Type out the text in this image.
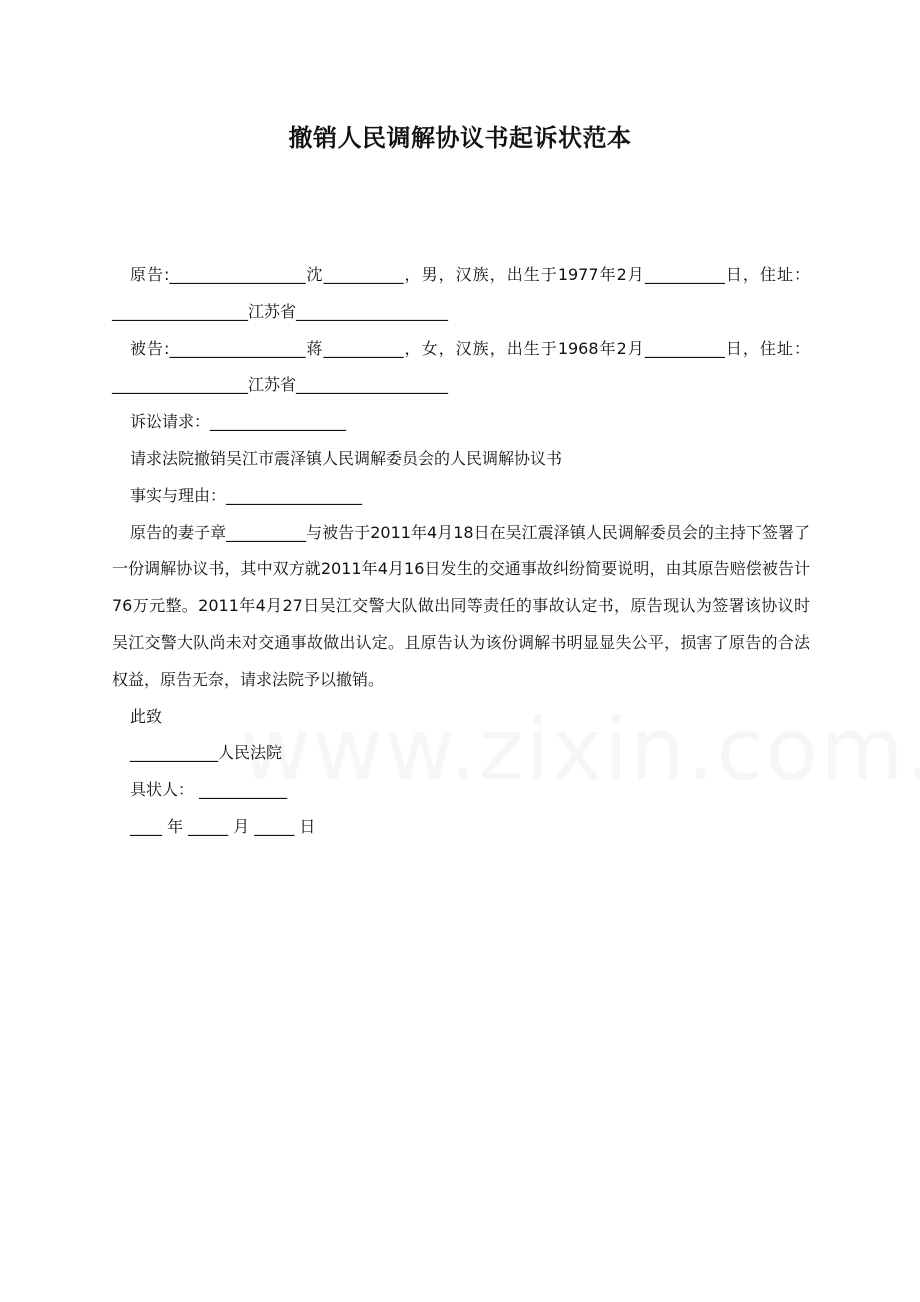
撤销人民调解协议书起诉状范本

原告:_________________沈__________，男，汉族，出生于1977年2月__________日，住址：_________________江苏省___________________

被告:_________________蒋__________，女，汉族，出生于1968年2月__________日，住址：_________________江苏省___________________

诉讼请求：_________________

请求法院撤销吴江市震泽镇人民调解委员会的人民调解协议书

事实与理由：_________________

原告的妻子章__________与被告于2011年4月18日在吴江震泽镇人民调解委员会的主持下签署了一份调解协议书，其中双方就2011年4月16日发生的交通事故纠纷简要说明，由其原告赔偿被告计76万元整。2011年4月27日吴江交警大队做出同等责任的事故认定书，原告现认为签署该协议时吴江交警大队尚未对交通事故做出认定。且原告认为该份调解书明显显失公平，损害了原告的合法权益，原告无奈，请求法院予以撤销。

此致

___________人民法院

具状人： ___________

____ 年 _____ 月 _____ 日
